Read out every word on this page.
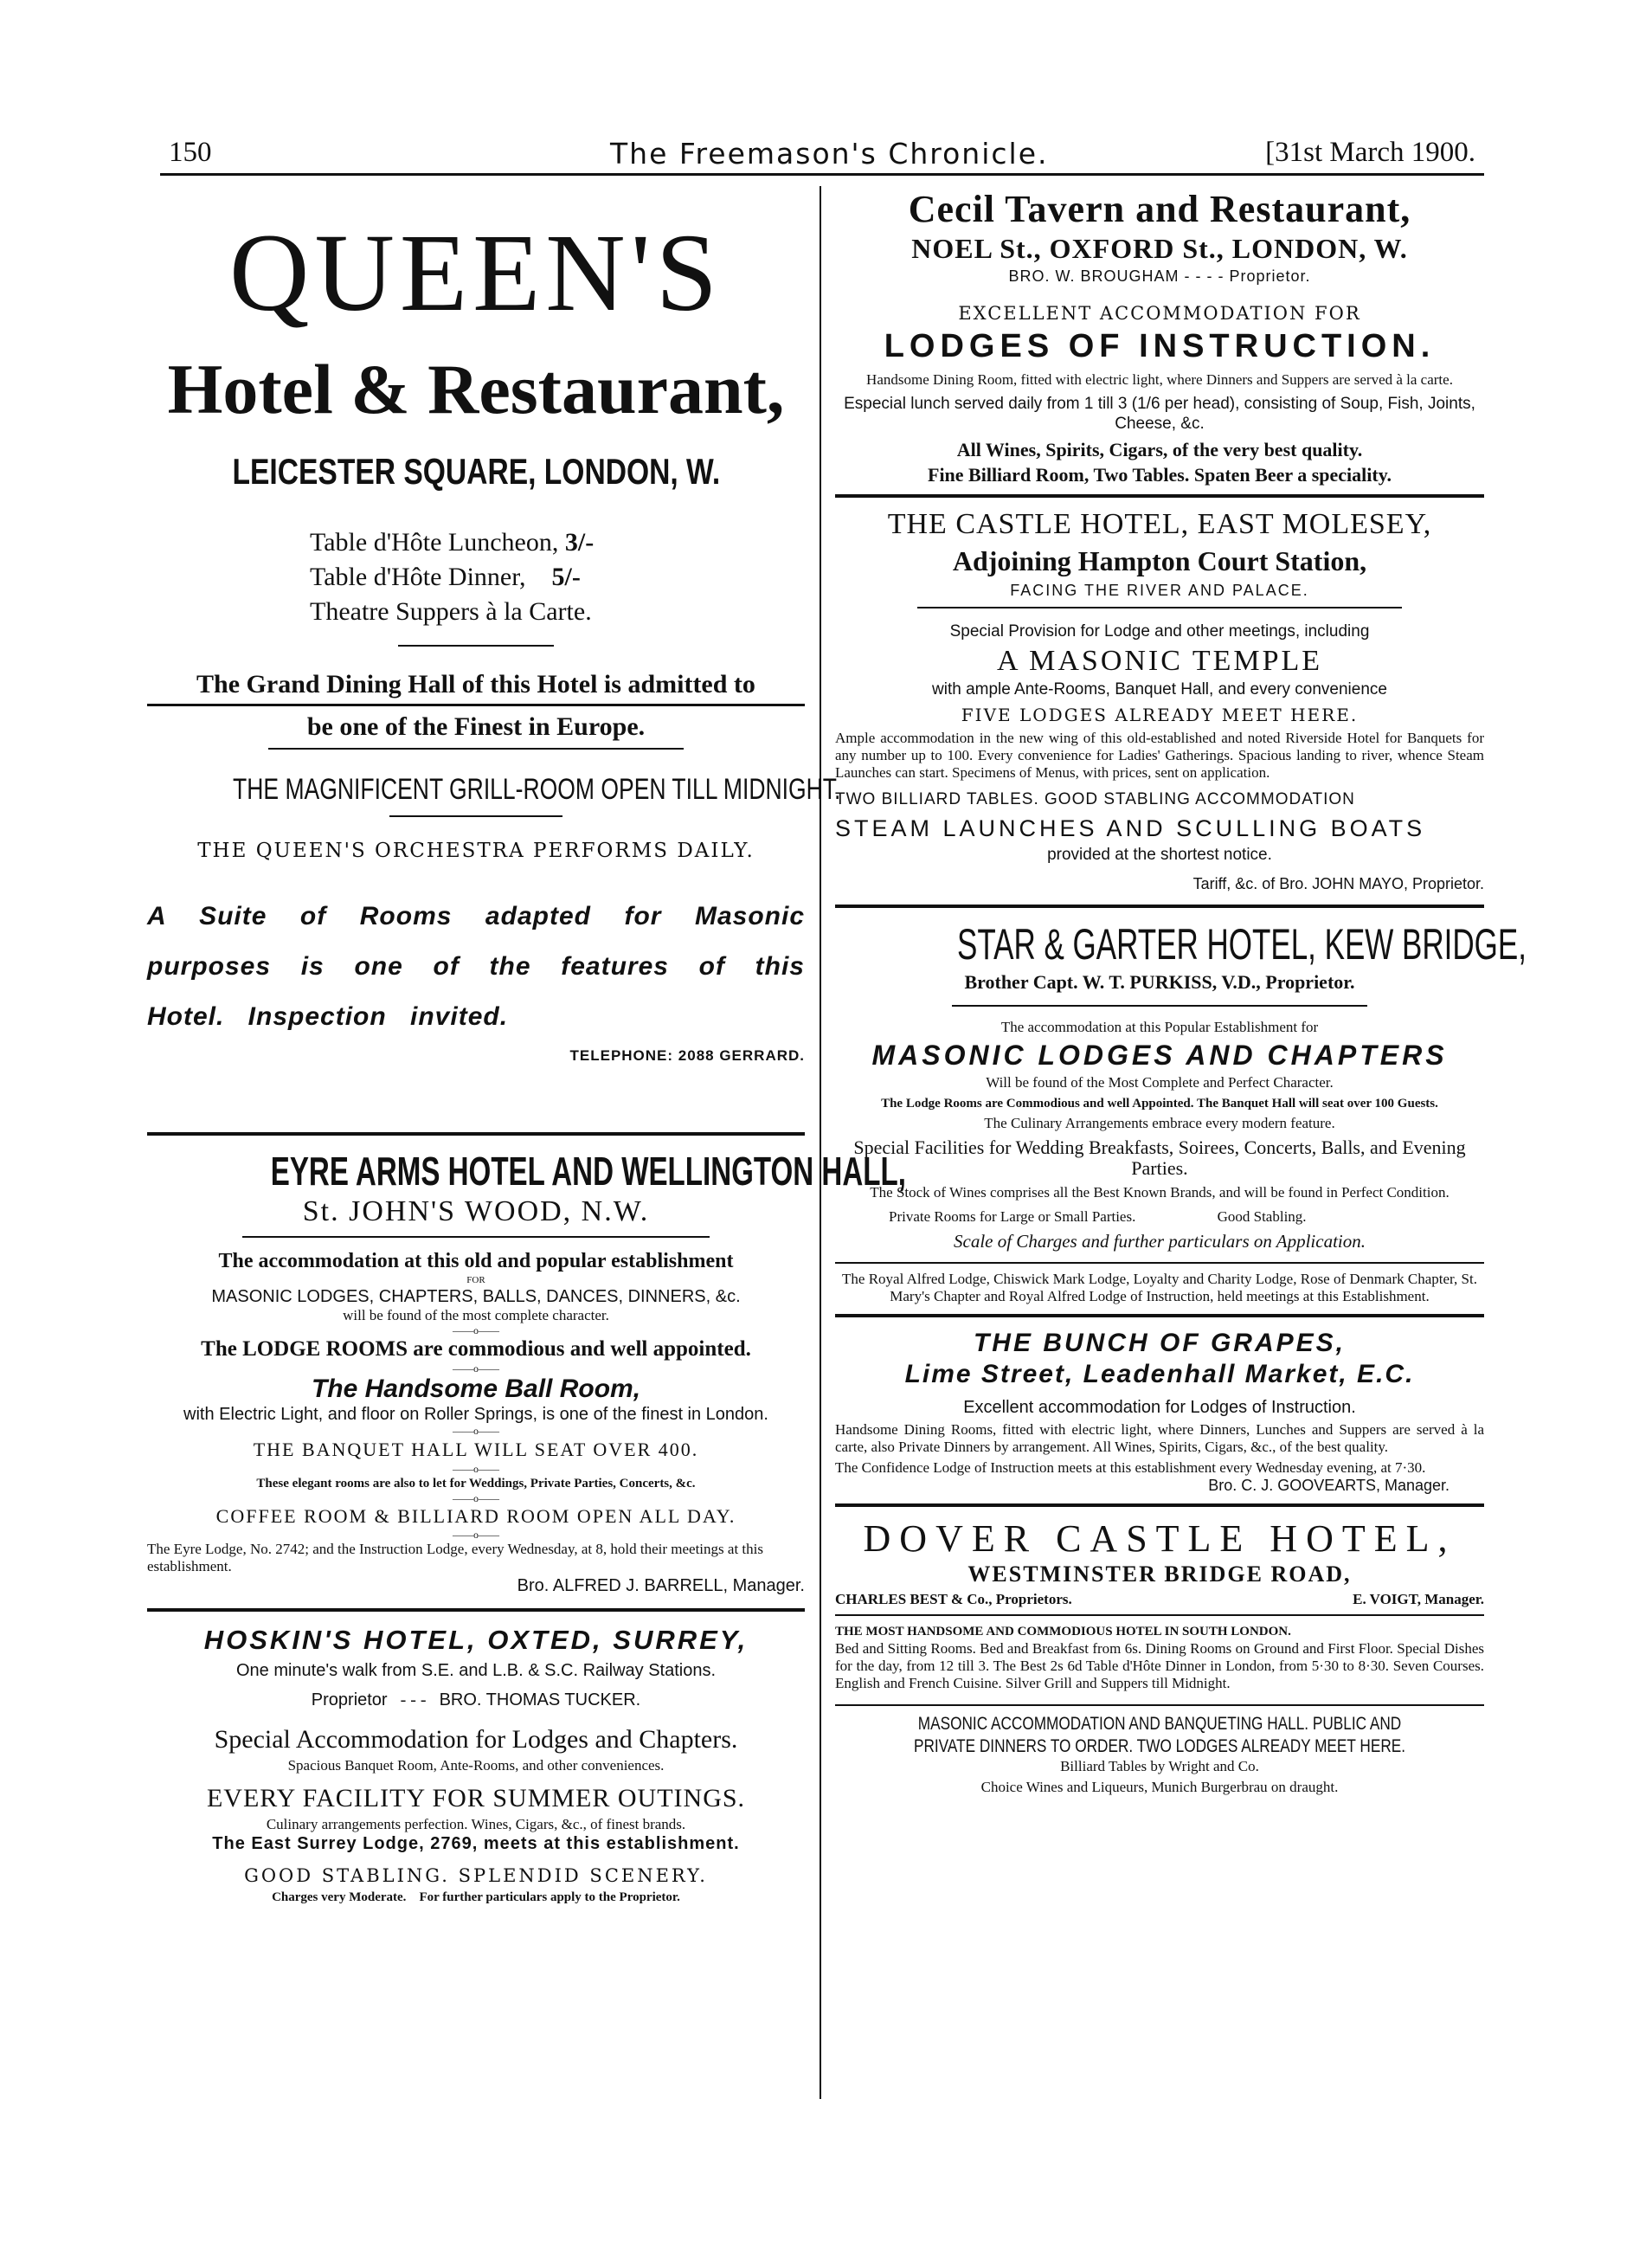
150	The Freemason's Chronicle.	[31st March 1900.

QUEEN'S

Hotel & Restaurant,

LEICESTER SQUARE, LONDON, W.

Table d'Hôte Luncheon, 3/-
Table d'Hôte Dinner, 5/-
Theatre Suppers à la Carte.

The Grand Dining Hall of this Hotel is admitted to

be one of the Finest in Europe.

THE MAGNIFICENT GRILL-ROOM OPEN TILL MIDNIGHT.

THE QUEEN'S ORCHESTRA PERFORMS DAILY.

A Suite of Rooms adapted for Masonic purposes is one of the features of this Hotel. Inspection invited.

TELEPHONE: 2088 GERRARD.

EYRE ARMS HOTEL AND WELLINGTON HALL,

St. JOHN'S WOOD, N.W.

The accommodation at this old and popular establishment

FOR

MASONIC LODGES, CHAPTERS, BALLS, DANCES, DINNERS, &c.

will be found of the most complete character.

——o——

The LODGE ROOMS are commodious and well appointed.

——o——

The Handsome Ball Room,

with Electric Light, and floor on Roller Springs, is one of the finest in London.

——o——

THE BANQUET HALL WILL SEAT OVER 400.

——o——

These elegant rooms are also to let for Weddings, Private Parties, Concerts, &c.

——o——

COFFEE ROOM & BILLIARD ROOM OPEN ALL DAY.

——o——

The Eyre Lodge, No. 2742; and the Instruction Lodge, every Wednesday, at 8, hold their meetings at this establishment.

Bro. ALFRED J. BARRELL, Manager.

HOSKIN'S HOTEL, OXTED, SURREY,

One minute's walk from S.E. and L.B. & S.C. Railway Stations.

Proprietor - - - BRO. THOMAS TUCKER.

Special Accommodation for Lodges and Chapters.

Spacious Banquet Room, Ante-Rooms, and other conveniences.

EVERY FACILITY FOR SUMMER OUTINGS.

Culinary arrangements perfection. Wines, Cigars, &c., of finest brands.

The East Surrey Lodge, 2769, meets at this establishment.

GOOD STABLING. SPLENDID SCENERY.

Charges very Moderate. For further particulars apply to the Proprietor.

Cecil Tavern and Restaurant,

NOEL St., OXFORD St., LONDON, W.

BRO. W. BROUGHAM - - - - Proprietor.

EXCELLENT ACCOMMODATION FOR

LODGES OF INSTRUCTION.

Handsome Dining Room, fitted with electric light, where Dinners and Suppers are served à la carte.

Especial lunch served daily from 1 till 3 (1/6 per head), consisting of Soup, Fish, Joints, Cheese, &c.

All Wines, Spirits, Cigars, of the very best quality.

Fine Billiard Room, Two Tables. Spaten Beer a speciality.

THE CASTLE HOTEL, EAST MOLESEY,

Adjoining Hampton Court Station,

FACING THE RIVER AND PALACE.

Special Provision for Lodge and other meetings, including

A MASONIC TEMPLE

with ample Ante-Rooms, Banquet Hall, and every convenience

FIVE LODGES ALREADY MEET HERE.

Ample accommodation in the new wing of this old-established and noted Riverside Hotel for Banquets for any number up to 100. Every convenience for Ladies' Gatherings. Spacious landing to river, whence Steam Launches can start. Specimens of Menus, with prices, sent on application.

TWO BILLIARD TABLES. GOOD STABLING ACCOMMODATION

STEAM LAUNCHES AND SCULLING BOATS

provided at the shortest notice.

Tariff, &c. of Bro. JOHN MAYO, Proprietor.

STAR & GARTER HOTEL, KEW BRIDGE,

Brother Capt. W. T. PURKISS, V.D., Proprietor.

The accommodation at this Popular Establishment for

MASONIC LODGES AND CHAPTERS

Will be found of the Most Complete and Perfect Character.

The Lodge Rooms are Commodious and well Appointed. The Banquet Hall will seat over 100 Guests.

The Culinary Arrangements embrace every modern feature.

Special Facilities for Wedding Breakfasts, Soirees, Concerts, Balls, and Evening Parties.

The Stock of Wines comprises all the Best Known Brands, and will be found in Perfect Condition.

Private Rooms for Large or Small Parties.	Good Stabling.

Scale of Charges and further particulars on Application.

The Royal Alfred Lodge, Chiswick Mark Lodge, Loyalty and Charity Lodge, Rose of Denmark Chapter, St. Mary's Chapter and Royal Alfred Lodge of Instruction, held meetings at this Establishment.

THE BUNCH OF GRAPES,

Lime Street, Leadenhall Market, E.C.

Excellent accommodation for Lodges of Instruction.

Handsome Dining Rooms, fitted with electric light, where Dinners, Lunches and Suppers are served à la carte, also Private Dinners by arrangement. All Wines, Spirits, Cigars, &c., of the best quality.

The Confidence Lodge of Instruction meets at this establishment every Wednesday evening, at 7·30.

Bro. C. J. GOOVEARTS, Manager.

DOVER CASTLE HOTEL,

WESTMINSTER BRIDGE ROAD,

CHARLES BEST & Co., Proprietors.	E. VOIGT, Manager.

THE MOST HANDSOME AND COMMODIOUS HOTEL IN SOUTH LONDON.

Bed and Sitting Rooms. Bed and Breakfast from 6s. Dining Rooms on Ground and First Floor. Special Dishes for the day, from 12 till 3. The Best 2s 6d Table d'Hôte Dinner in London, from 5·30 to 8·30. Seven Courses. English and French Cuisine. Silver Grill and Suppers till Midnight.

MASONIC ACCOMMODATION AND BANQUETING HALL. PUBLIC AND PRIVATE DINNERS TO ORDER. TWO LODGES ALREADY MEET HERE.

Billiard Tables by Wright and Co.

Choice Wines and Liqueurs, Munich Burgerbrau on draught.
